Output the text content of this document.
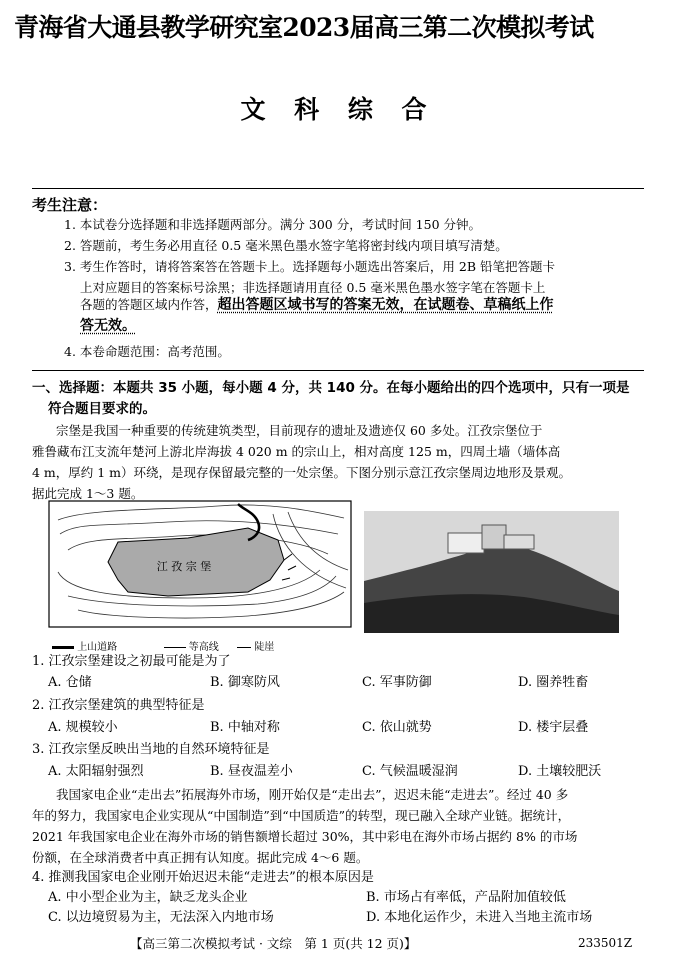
青海省大通县教学研究室2023届高三第二次模拟考试
文 科 综 合
考生注意：
1. 本试卷分选择题和非选择题两部分。满分 300 分，考试时间 150 分钟。
2. 答题前，考生务必用直径 0.5 毫米黑色墨水签字笔将密封线内项目填写清楚。
3. 考生作答时，请将答案答在答题卡上。选择题每小题选出答案后，用 2B 铅笔把答题卡
上对应题目的答案标号涂黑；非选择题请用直径 0.5 毫米黑色墨水签字笔在答题卡上
各题的答题区域内作答，超出答题区域书写的答案无效，在试题卷、草稿纸上作
答无效。
4. 本卷命题范围：高考范围。
一、选择题：本题共 35 小题，每小题 4 分，共 140 分。在每小题给出的四个选项中，只有一项是
符合题目要求的。
宗堡是我国一种重要的传统建筑类型，目前现存的遗址及遗迹仅 60 多处。江孜宗堡位于
雅鲁藏布江支流年楚河上游北岸海拔 4 020 m 的宗山上，相对高度 125 m，四周土墙（墙体高
4 m，厚约 1 m）环绕，是现存保留最完整的一处宗堡。下图分别示意江孜宗堡周边地形及景观。
据此完成 1～3 题。
江 孜 宗 堡
上山道路	等高线	陡崖
1. 江孜宗堡建设之初最可能是为了
A. 仓储	B. 御寒防风	C. 军事防御	D. 圈养牲畜
2. 江孜宗堡建筑的典型特征是
A. 规模较小	B. 中轴对称	C. 依山就势	D. 楼宇层叠
3. 江孜宗堡反映出当地的自然环境特征是
A. 太阳辐射强烈	B. 昼夜温差小	C. 气候温暖湿润	D. 土壤较肥沃
我国家电企业“走出去”拓展海外市场，刚开始仅是“走出去”，迟迟未能“走进去”。经过 40 多
年的努力，我国家电企业实现从“中国制造”到“中国质造”的转型，现已融入全球产业链。据统计，
2021 年我国家电企业在海外市场的销售额增长超过 30%，其中彩电在海外市场占据约 8% 的市场
份额，在全球消费者中真正拥有认知度。据此完成 4～6 题。
4. 推测我国家电企业刚开始迟迟未能“走进去”的根本原因是
A. 中小型企业为主，缺乏龙头企业	B. 市场占有率低，产品附加值较低
C. 以边境贸易为主，无法深入内地市场	D. 本地化运作少，未进入当地主流市场
【高三第二次模拟考试 · 文综　第 1 页(共 12 页)】	233501Z
